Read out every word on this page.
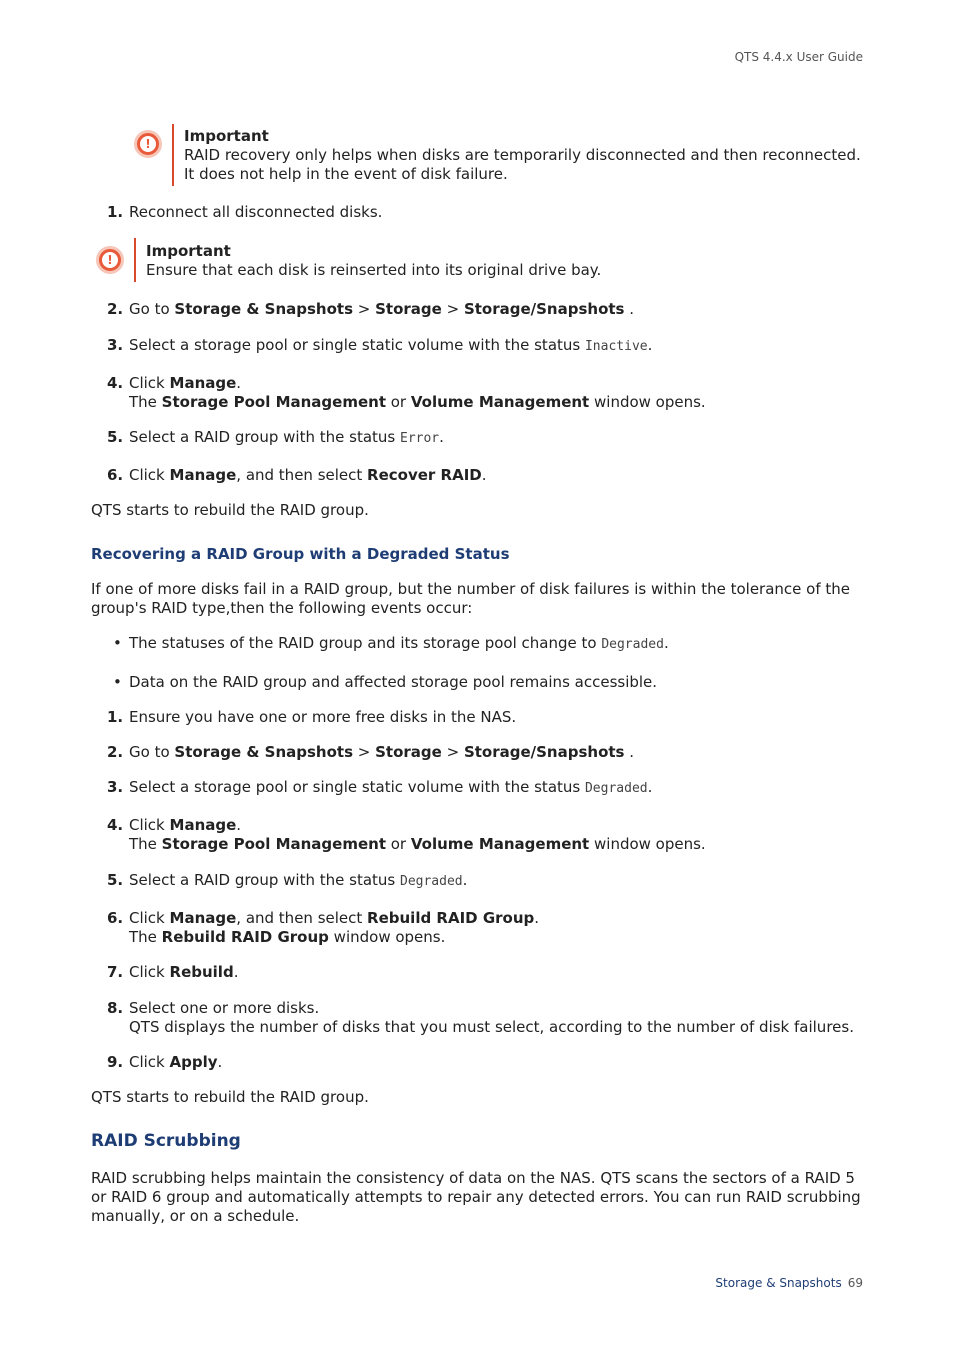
QTS 4.4.x User Guide
!	Important
RAID recovery only helps when disks are temporarily disconnected and then reconnected.
It does not help in the event of disk failure.
1. Reconnect all disconnected disks.
!	Important
Ensure that each disk is reinserted into its original drive bay.
2. Go to Storage & Snapshots > Storage > Storage/Snapshots .
3. Select a storage pool or single static volume with the status Inactive.
4. Click Manage.
The Storage Pool Management or Volume Management window opens.
5. Select a RAID group with the status Error.
6. Click Manage, and then select Recover RAID.
QTS starts to rebuild the RAID group.
Recovering a RAID Group with a Degraded Status
If one of more disks fail in a RAID group, but the number of disk failures is within the tolerance of the
group's RAID type,then the following events occur:
• The statuses of the RAID group and its storage pool change to Degraded.
• Data on the RAID group and affected storage pool remains accessible.
1. Ensure you have one or more free disks in the NAS.
2. Go to Storage & Snapshots > Storage > Storage/Snapshots .
3. Select a storage pool or single static volume with the status Degraded.
4. Click Manage.
The Storage Pool Management or Volume Management window opens.
5. Select a RAID group with the status Degraded.
6. Click Manage, and then select Rebuild RAID Group.
The Rebuild RAID Group window opens.
7. Click Rebuild.
8. Select one or more disks.
QTS displays the number of disks that you must select, according to the number of disk failures.
9. Click Apply.
QTS starts to rebuild the RAID group.
RAID Scrubbing
RAID scrubbing helps maintain the consistency of data on the NAS. QTS scans the sectors of a RAID 5
or RAID 6 group and automatically attempts to repair any detected errors. You can run RAID scrubbing
manually, or on a schedule.
Storage & Snapshots 69
